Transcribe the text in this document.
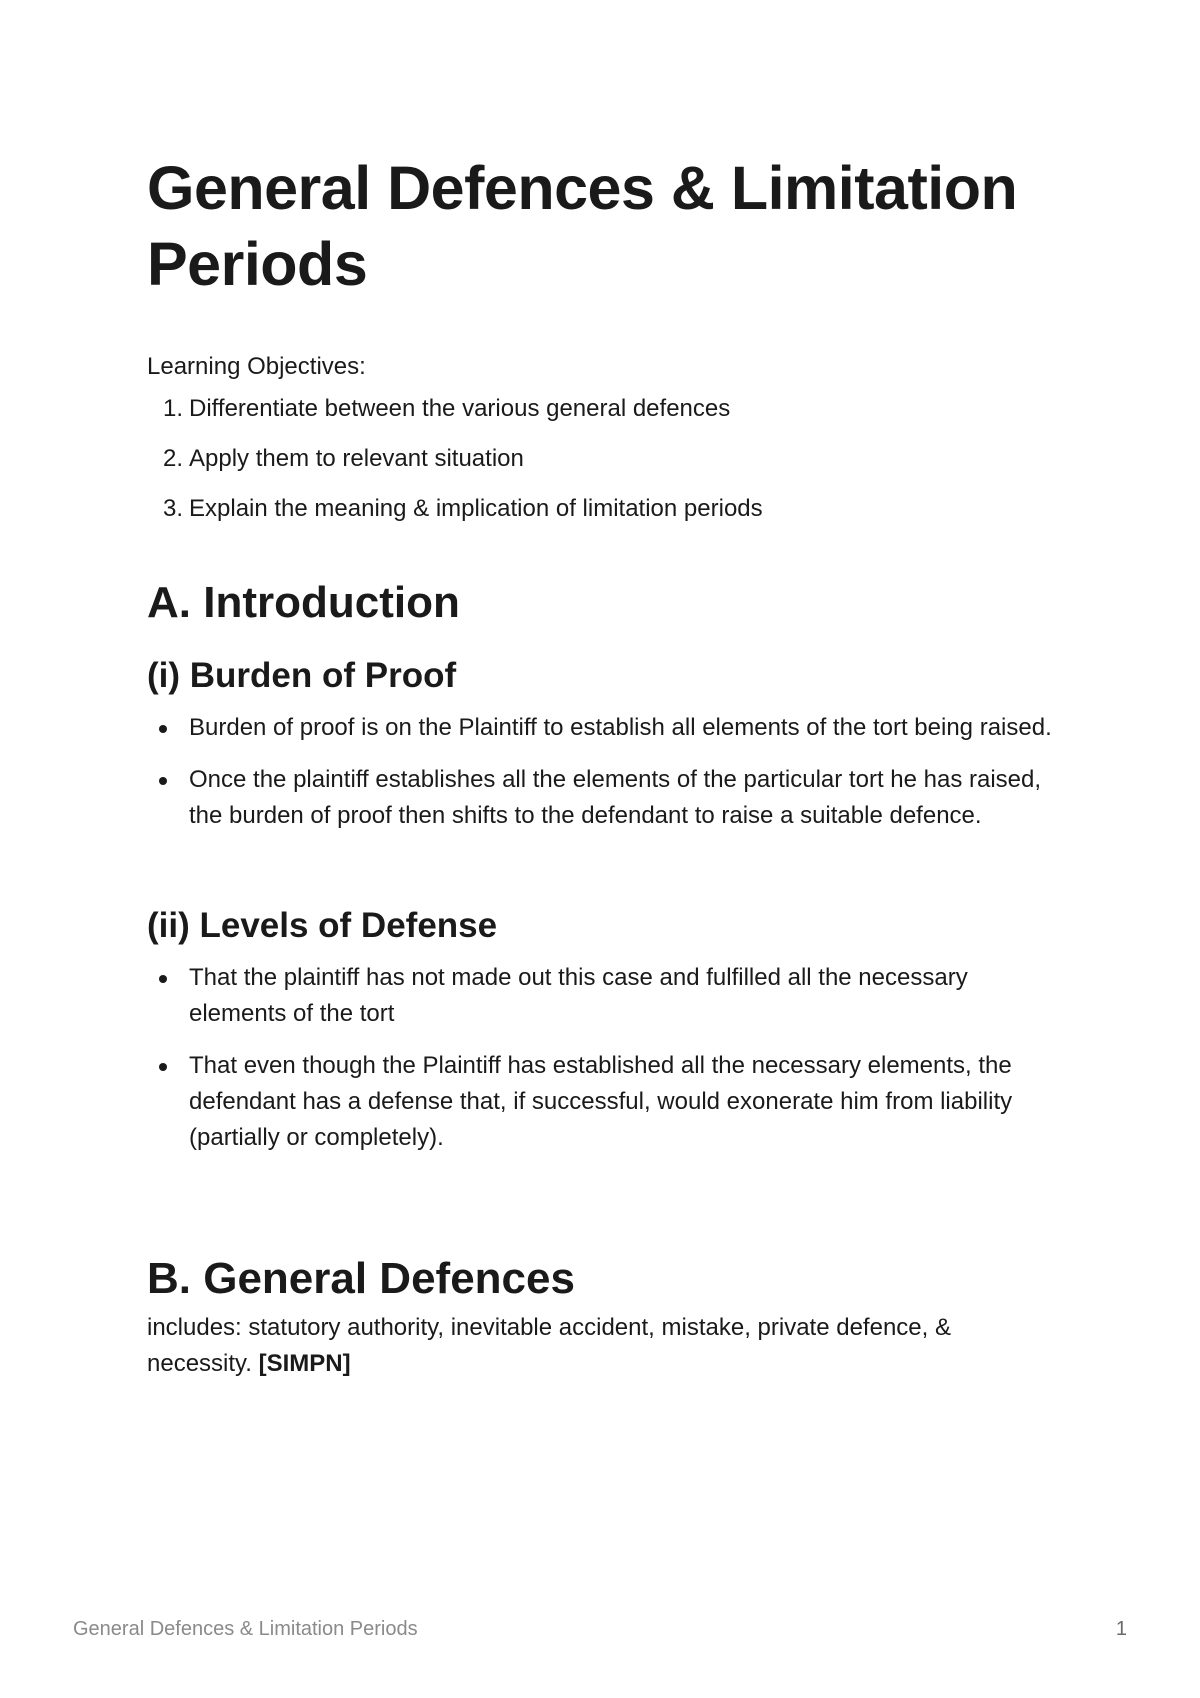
General Defences & Limitation Periods
Learning Objectives:
1. Differentiate between the various general defences
2. Apply them to relevant situation
3. Explain the meaning & implication of limitation periods
A. Introduction
(i) Burden of Proof
Burden of proof is on the Plaintiff to establish all elements of the tort being raised.
Once the plaintiff establishes all the elements of the particular tort he has raised, the burden of proof then shifts to the defendant to raise a suitable defence.
(ii) Levels of Defense
That the plaintiff has not made out this case and fulfilled all the necessary elements of the tort
That even though the Plaintiff has established all the necessary elements, the defendant has a defense that, if successful, would exonerate him from liability (partially or completely).
B. General Defences
includes: statutory authority, inevitable accident, mistake, private defence, & necessity. [SIMPN]
General Defences & Limitation Periods	1
